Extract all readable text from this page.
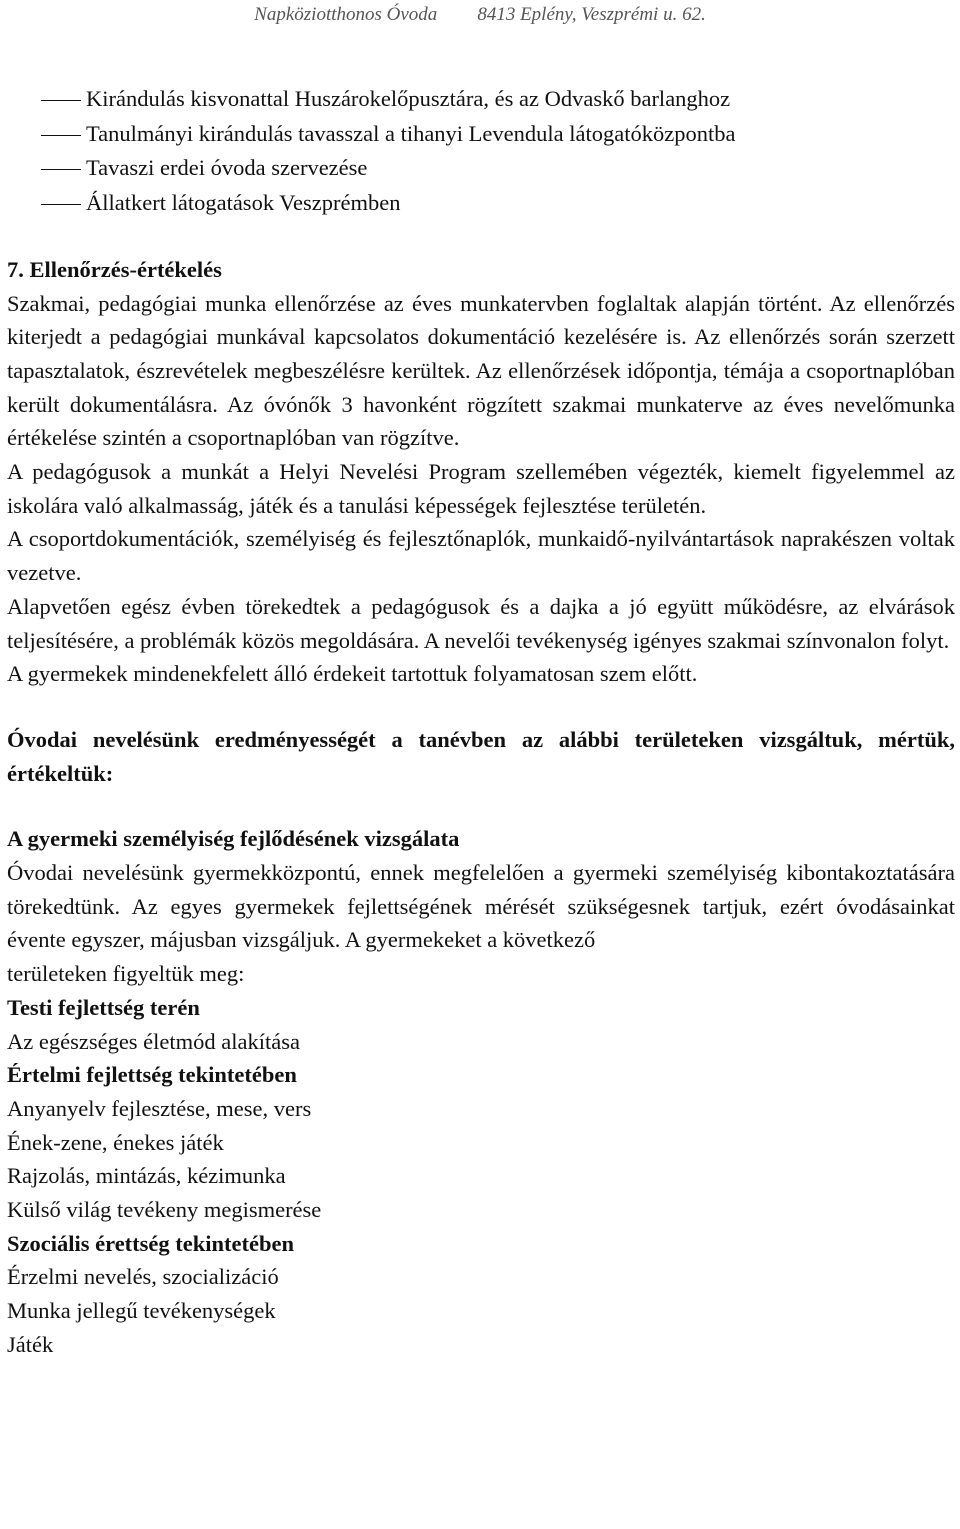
Napköziotthonos Óvoda 8413 Eplény, Veszprémi u. 62.
Kirándulás kisvonattal Huszárokelőpusztára, és az Odvaskő barlanghoz
Tanulmányi kirándulás tavasszal a tihanyi Levendula látogatóközpontba
Tavaszi erdei óvoda szervezése
Állatkert látogatások Veszprémben
7. Ellenőrzés-értékelés

Szakmai, pedagógiai munka ellenőrzése az éves munkatervben foglaltak alapján történt. Az ellenőrzés kiterjedt a pedagógiai munkával kapcsolatos dokumentáció kezelésére is. Az ellenőrzés során szerzett tapasztalatok, észrevételek megbeszélésre kerültek. Az ellenőrzések időpontja, témája a csoportnaplóban került dokumentálásra. Az óvónők 3 havonként rögzített szakmai munkaterve az éves nevelőmunka értékelése szintén a csoportnaplóban van rögzítve.

A pedagógusok a munkát a Helyi Nevelési Program szellemében végezték, kiemelt figyelemmel az iskolára való alkalmasság, játék és a tanulási képességek fejlesztése területén.

A csoportdokumentációk, személyiség és fejlesztőnaplók, munkaidő-nyilvántartások naprakészen voltak vezetve.

Alapvetően egész évben törekedtek a pedagógusok és a dajka a jó együtt működésre, az elvárások teljesítésére, a problémák közös megoldására. A nevelői tevékenység igényes szakmai színvonalon folyt.

A gyermekek mindenekfelett álló érdekeit tartottuk folyamatosan szem előtt.

Óvodai nevelésünk eredményességét a tanévben az alábbi területeken vizsgáltuk, mértük, értékeltük:
A gyermeki személyiség fejlődésének vizsgálata

Óvodai nevelésünk gyermekközpontú, ennek megfelelően a gyermeki személyiség kibontakoztatására törekedtünk. Az egyes gyermekek fejlettségének mérését szükségesnek tartjuk, ezért óvodásainkat évente egyszer, májusban vizsgáljuk. A gyermekeket a következő

területeken figyeltük meg:
Testi fejlettség terén
Az egészséges életmód alakítása
Értelmi fejlettség tekintetében
Anyanyelv fejlesztése, mese, vers
Ének-zene, énekes játék
Rajzolás, mintázás, kézimunka
Külső világ tevékeny megismerése
Szociális érettség tekintetében
Érzelmi nevelés, szocializáció
Munka jellegű tevékenységek
Játék
